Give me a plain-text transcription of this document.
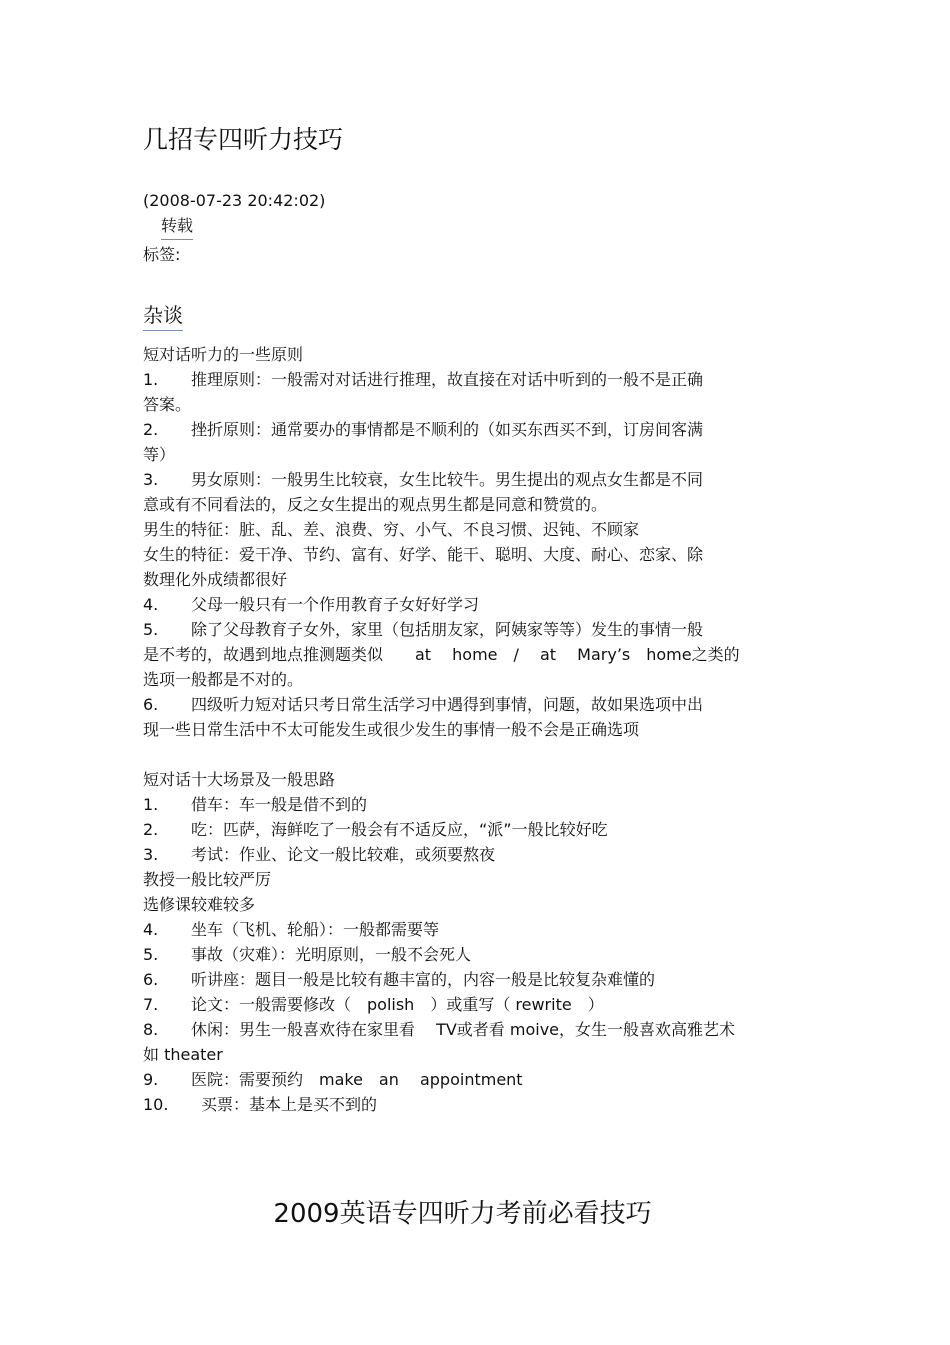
几招专四听力技巧
(2008-07-23 20:42:02)
转载
标签:
杂谈
短对话听力的一些原则
1. 推理原则：一般需对对话进行推理，故直接在对话中听到的一般不是正确
答案。
2. 挫折原则：通常要办的事情都是不顺利的（如买东西买不到，订房间客满
等）
3. 男女原则：一般男生比较衰，女生比较牛。男生提出的观点女生都是不同
意或有不同看法的，反之女生提出的观点男生都是同意和赞赏的。
男生的特征：脏、乱、差、浪费、穷、小气、不良习惯、迟钝、不顾家
女生的特征：爱干净、节约、富有、好学、能干、聪明、大度、耐心、恋家、除
数理化外成绩都很好
4. 父母一般只有一个作用教育子女好好学习
5. 除了父母教育子女外，家里（包括朋友家，阿姨家等等）发生的事情一般
是不考的，故遇到地点推测题类似　　at　 home　/　 at　 Mary’s　home之类的
选项一般都是不对的。
6. 四级听力短对话只考日常生活学习中遇得到事情，问题，故如果选项中出
现一些日常生活中不太可能发生或很少发生的事情一般不会是正确选项
短对话十大场景及一般思路
1. 借车：车一般是借不到的
2. 吃：匹萨，海鲜吃了一般会有不适反应，“派”一般比较好吃
3. 考试：作业、论文一般比较难，或须要熬夜
教授一般比较严厉
选修课较难较多
4. 坐车（飞机、轮船）：一般都需要等
5. 事故（灾难）：光明原则，一般不会死人
6. 听讲座：题目一般是比较有趣丰富的，内容一般是比较复杂难懂的
7. 论文：一般需要修改（　polish　）或重写（ rewrite　）
8. 休闲：男生一般喜欢待在家里看　 TV或者看 moive，女生一般喜欢高雅艺术
如 theater
9. 医院：需要预约　make　an　 appointment
10. 买票：基本上是买不到的
2009英语专四听力考前必看技巧
